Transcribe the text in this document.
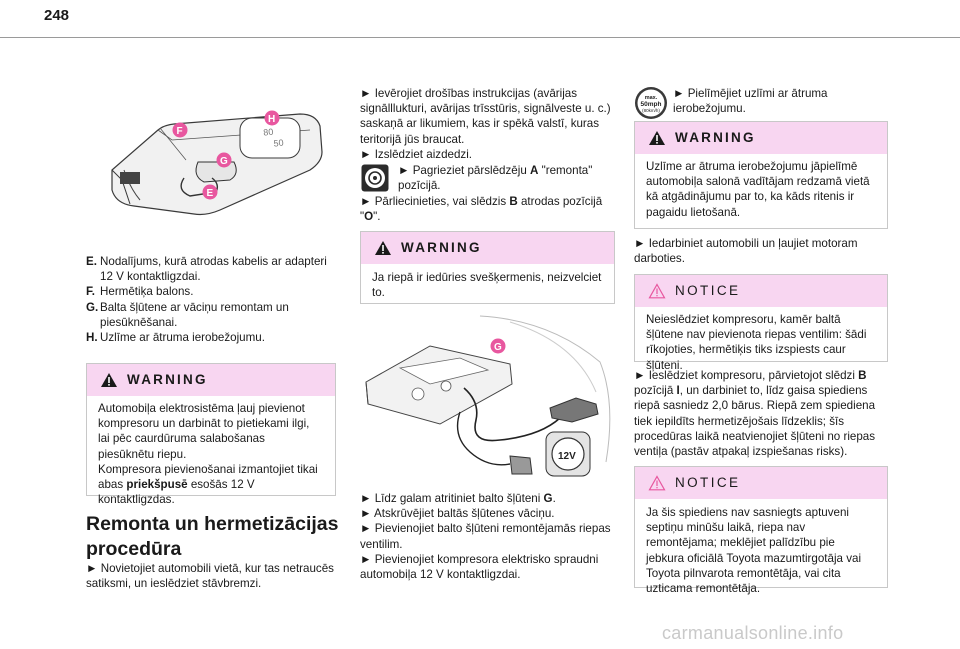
248
80
50
H
F
G
E
E. Nodalījums, kurā atrodas kabelis ar adapteri 12 V kontaktligzdai.
F. Hermētiķa balons.
G. Balta šļūtene ar vāciņu remontam un piesūknēšanai.
H. Uzlīme ar ātruma ierobežojumu.
WARNING

Automobiļa elektrosistēma ļauj pievienot kompresoru un darbināt to pietiekami ilgi, lai pēc caurdūruma salabošanas piesūknētu riepu.

Kompresora pievienošanai izmantojiet tikai abas priekšpusē esošās 12 V kontaktligzdas.

Remonta un hermetizācijas
procedūra

► Novietojiet automobili vietā, kur tas netraucēs satiksmi, un ieslēdziet stāvbremzi.

► Ievērojiet drošības instrukcijas (avārijas signālllukturi, avārijas trīsstūris, signālveste u. c.) saskaņā ar likumiem, kas ir spēkā valstī, kuras teritorijā jūs braucat.

► Izslēdziet aizdedzi.

► Pagrieziet pārslēdzēju A "remonta" pozīcijā.

► Pārliecinieties, vai slēdzis B atrodas pozīcijā "O".

WARNING

Ja riepā ir iedūries svešķermenis, neizvelciet to.

12V
G

► Līdz galam atritiniet balto šļūteni G.

► Atskrūvējiet baltās šļūtenes vāciņu.

► Pievienojiet balto šļūteni remontējamās riepas ventilim.

► Pievienojiet kompresora elektrisko spraudni automobiļa 12 V kontaktligzdai.

max.
50mph
(80km/h)

► Pielīmējiet uzlīmi ar ātruma ierobežojumu.

WARNING

Uzlīme ar ātruma ierobežojumu jāpielīmē automobiļa salonā vadītājam redzamā vietā kā atgādinājumu par to, ka kāds ritenis ir pagaidu lietošanā.

► Iedarbiniet automobili un ļaujiet motoram darboties.

NOTICE

Neieslēdziet kompresoru, kamēr baltā šļūtene nav pievienota riepas ventilim: šādi rīkojoties, hermētiķis tiks izspiests caur šļūteni.

► Ieslēdziet kompresoru, pārvietojot slēdzi B pozīcijā I, un darbiniet to, līdz gaisa spiediens riepā sasniedz 2,0 bārus. Riepā zem spiediena tiek iepildīts hermetizējošais līdzeklis; šīs procedūras laikā neatvienojiet šļūteni no riepas ventiļa (pastāv atpakaļ izspiešanas risks).

NOTICE

Ja šis spiediens nav sasniegts aptuveni septiņu minūšu laikā, riepa nav remontējama; meklējiet palīdzību pie jebkura oficiālā Toyota mazumtirgotāja vai Toyota pilnvarota remontētāja, vai cita uzticama remontētāja.

carmanualsonline.info
